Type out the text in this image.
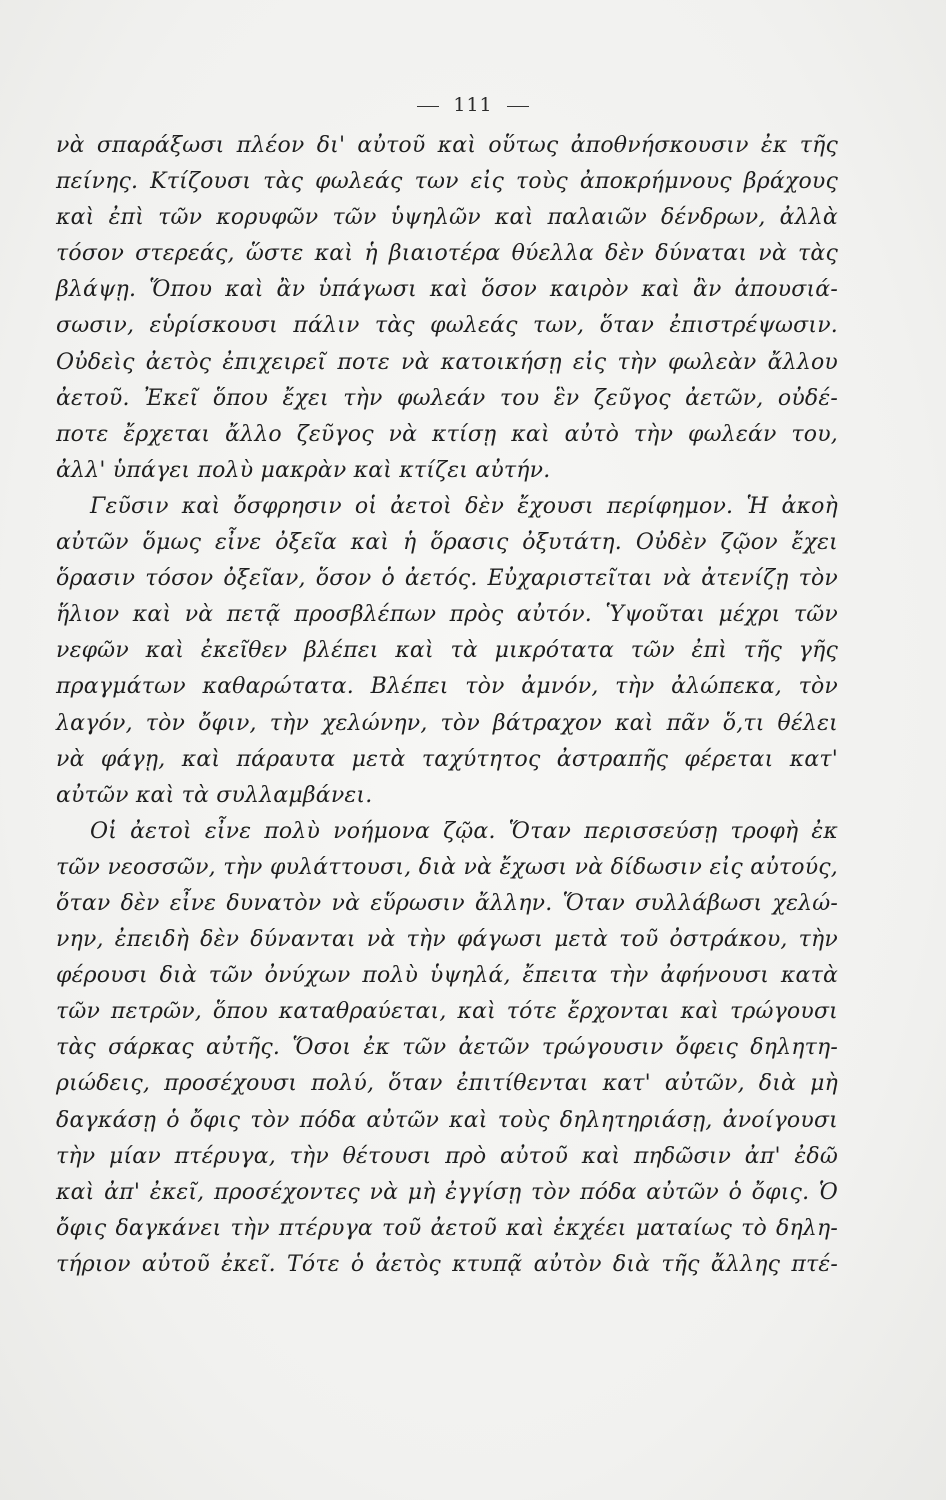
111
νὰ σπαράξωσι πλέον δι' αὐτοῦ καὶ οὕτως ἀποθνήσκουσιν ἐκ τῆς
πείνης. Κτίζουσι τὰς φωλεάς των εἰς τοὺς ἀποκρήμνους βράχους
καὶ ἐπὶ τῶν κορυφῶν τῶν ὑψηλῶν καὶ παλαιῶν δένδρων, ἀλλὰ
τόσον στερεάς, ὥστε καὶ ἡ βιαιοτέρα θύελλα δὲν δύναται νὰ τὰς
βλάψῃ. Ὅπου καὶ ἂν ὑπάγωσι καὶ ὅσον καιρὸν καὶ ἂν ἀπουσιά-
σωσιν, εὑρίσκουσι πάλιν τὰς φωλεάς των, ὅταν ἐπιστρέψωσιν.
Οὐδεὶς ἀετὸς ἐπιχειρεῖ ποτε νὰ κατοικήσῃ εἰς τὴν φωλεὰν ἄλλου
ἀετοῦ. Ἐκεῖ ὅπου ἔχει τὴν φωλεάν του ἓν ζεῦγος ἀετῶν, οὐδέ-
ποτε ἔρχεται ἄλλο ζεῦγος νὰ κτίσῃ καὶ αὐτὸ τὴν φωλεάν του,
ἀλλ' ὑπάγει πολὺ μακρὰν καὶ κτίζει αὐτήν.
Γεῦσιν καὶ ὄσφρησιν οἱ ἀετοὶ δὲν ἔχουσι περίφημον. Ἡ ἀκοὴ
αὐτῶν ὅμως εἶνε ὀξεῖα καὶ ἡ ὅρασις ὀξυτάτη. Οὐδὲν ζῷον ἔχει
ὅρασιν τόσον ὀξεῖαν, ὅσον ὁ ἀετός. Εὐχαριστεῖται νὰ ἀτενίζῃ τὸν
ἥλιον καὶ νὰ πετᾷ προσβλέπων πρὸς αὐτόν. Ὑψοῦται μέχρι τῶν
νεφῶν καὶ ἐκεῖθεν βλέπει καὶ τὰ μικρότατα τῶν ἐπὶ τῆς γῆς
πραγμάτων καθαρώτατα. Βλέπει τὸν ἀμνόν, τὴν ἀλώπεκα, τὸν
λαγόν, τὸν ὄφιν, τὴν χελώνην, τὸν βάτραχον καὶ πᾶν ὅ,τι θέλει
νὰ φάγῃ, καὶ πάραυτα μετὰ ταχύτητος ἀστραπῆς φέρεται κατ'
αὐτῶν καὶ τὰ συλλαμβάνει.
Οἱ ἀετοὶ εἶνε πολὺ νοήμονα ζῷα. Ὅταν περισσεύσῃ τροφὴ ἐκ
τῶν νεοσσῶν, τὴν φυλάττουσι, διὰ νὰ ἔχωσι νὰ δίδωσιν εἰς αὐτούς,
ὅταν δὲν εἶνε δυνατὸν νὰ εὕρωσιν ἄλλην. Ὅταν συλλάβωσι χελώ-
νην, ἐπειδὴ δὲν δύνανται νὰ τὴν φάγωσι μετὰ τοῦ ὀστράκου, τὴν
φέρουσι διὰ τῶν ὀνύχων πολὺ ὑψηλά, ἔπειτα τὴν ἀφήνουσι κατὰ
τῶν πετρῶν, ὅπου καταθραύεται, καὶ τότε ἔρχονται καὶ τρώγουσι
τὰς σάρκας αὐτῆς. Ὅσοι ἐκ τῶν ἀετῶν τρώγουσιν ὄφεις δηλητη-
ριώδεις, προσέχουσι πολύ, ὅταν ἐπιτίθενται κατ' αὐτῶν, διὰ μὴ
δαγκάσῃ ὁ ὄφις τὸν πόδα αὐτῶν καὶ τοὺς δηλητηριάσῃ, ἀνοίγουσι
τὴν μίαν πτέρυγα, τὴν θέτουσι πρὸ αὐτοῦ καὶ πηδῶσιν ἀπ' ἐδῶ
καὶ ἀπ' ἐκεῖ, προσέχοντες νὰ μὴ ἐγγίσῃ τὸν πόδα αὐτῶν ὁ ὄφις. Ὁ
ὄφις δαγκάνει τὴν πτέρυγα τοῦ ἀετοῦ καὶ ἐκχέει ματαίως τὸ δηλη-
τήριον αὐτοῦ ἐκεῖ. Τότε ὁ ἀετὸς κτυπᾷ αὐτὸν διὰ τῆς ἄλλης πτέ-
